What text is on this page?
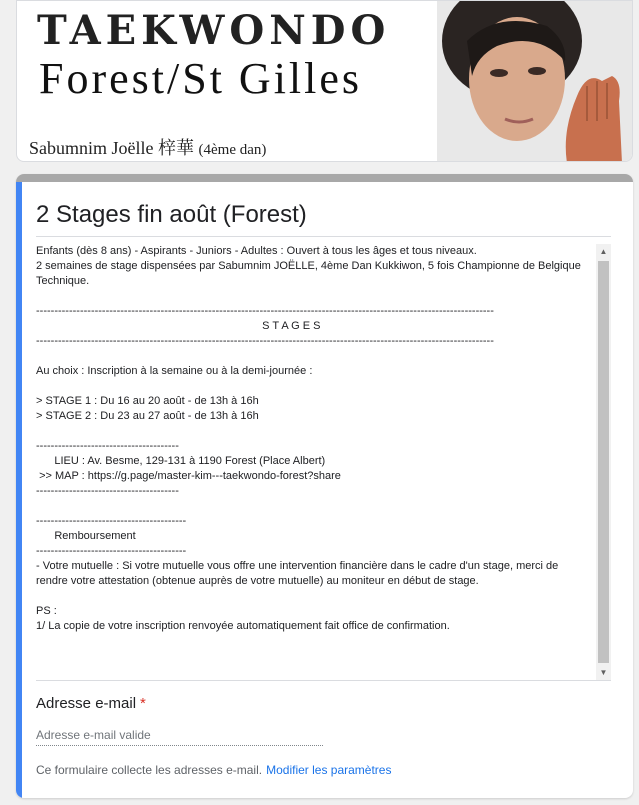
TAEKWONDO
Forest/St Gilles
Sabumnim Joëlle 梓華 (4ème dan)
2 Stages fin août (Forest)
Enfants (dès 8 ans) - Aspirants - Juniors - Adultes : Ouvert à tous les âges et tous niveaux.
2 semaines de stage dispensées par Sabumnim JOËLLE, 4ème Dan Kukkiwon, 5 fois Championne de Belgique Technique.

-----------------------------------------------------------------------------------------------------------------------------
S T A G E S
-----------------------------------------------------------------------------------------------------------------------------

Au choix : Inscription à la semaine ou à la demi-journée :

> STAGE 1 : Du 16 au 20 août - de 13h à 16h
> STAGE 2 : Du 23 au 27 août - de 13h à 16h

---------------------------------------
LIEU : Av. Besme, 129-131 à 1190 Forest (Place Albert)
>> MAP : https://g.page/master-kim---taekwondo-forest?share
---------------------------------------

-----------------------------------------
Remboursement
-----------------------------------------
- Votre mutuelle : Si votre mutuelle vous offre une intervention financière dans le cadre d'un stage, merci de rendre votre attestation (obtenue auprès de votre mutuelle) au moniteur en début de stage.

PS :
1/ La copie de votre inscription renvoyée automatiquement fait office de confirmation.
▲
▼
Adresse e-mail *
Adresse e-mail valide
Ce formulaire collecte les adresses e-mail. Modifier les paramètres
